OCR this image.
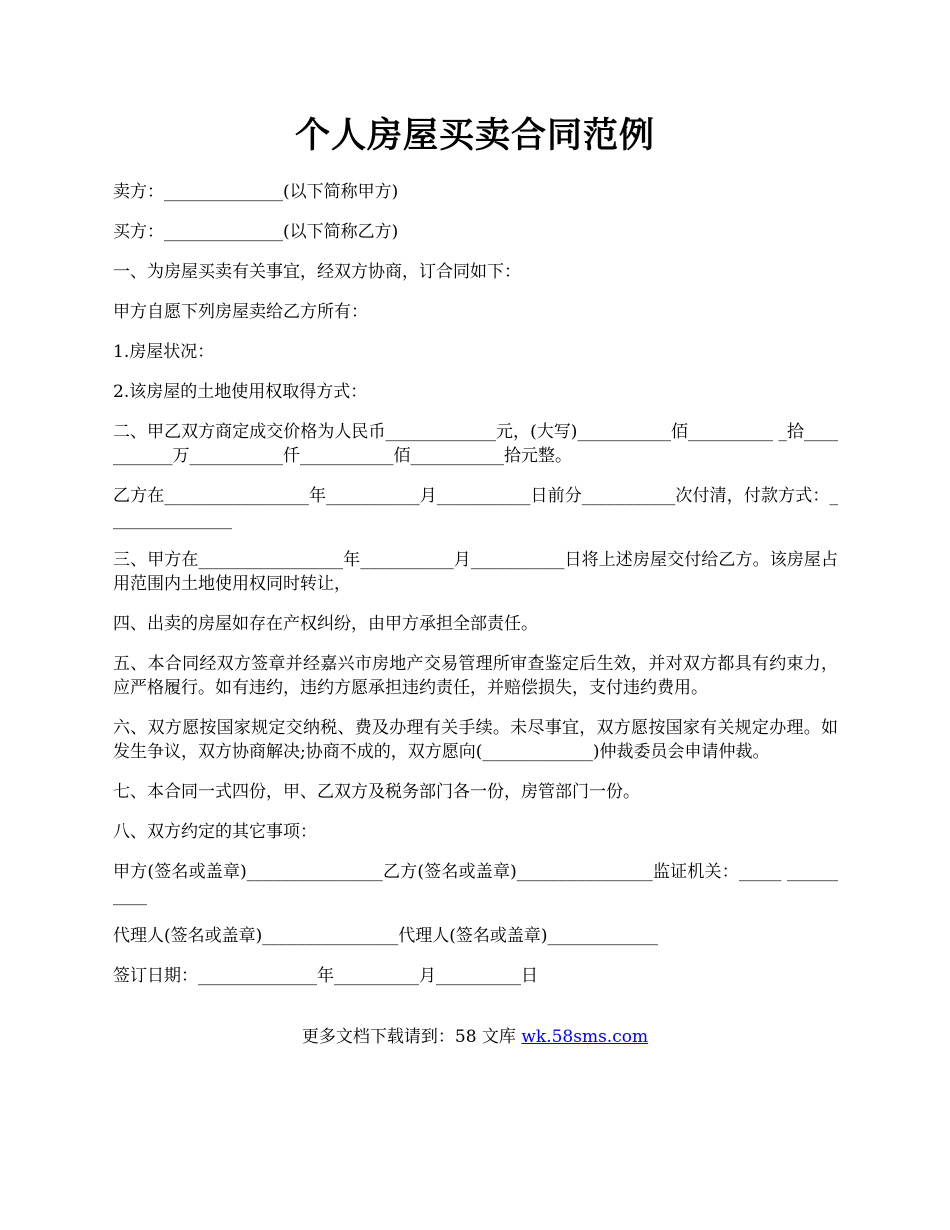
个人房屋买卖合同范例

卖方：______________(以下简称甲方)

买方：______________(以下简称乙方)

一、为房屋买卖有关事宜，经双方协商，订合同如下：

甲方自愿下列房屋卖给乙方所有：

1.房屋状况：

2.该房屋的土地使用权取得方式：

二、甲乙双方商定成交价格为人民币_____________元，(大写)___________佰__________ _拾___________万___________仟___________佰___________拾元整。

乙方在_________________年___________月___________日前分___________次付清，付款方式：_______________

三、甲方在_________________年___________月___________日将上述房屋交付给乙方。该房屋占用范围内土地使用权同时转让，

四、出卖的房屋如存在产权纠纷，由甲方承担全部责任。

五、本合同经双方签章并经嘉兴市房地产交易管理所审查鉴定后生效，并对双方都具有约束力，应严格履行。如有违约，违约方愿承担违约责任，并赔偿损失，支付违约费用。

六、双方愿按国家规定交纳税、费及办理有关手续。未尽事宜，双方愿按国家有关规定办理。如发生争议，双方协商解决;协商不成的，双方愿向(_____________)仲裁委员会申请仲裁。

七、本合同一式四份，甲、乙双方及税务部门各一份，房管部门一份。

八、双方约定的其它事项：

甲方(签名或盖章)________________乙方(签名或盖章)________________监证机关：_____ __________

代理人(签名或盖章)________________代理人(签名或盖章)_____________

签订日期：______________年__________月__________日

更多文档下载请到：58 文库 wk.58sms.com
